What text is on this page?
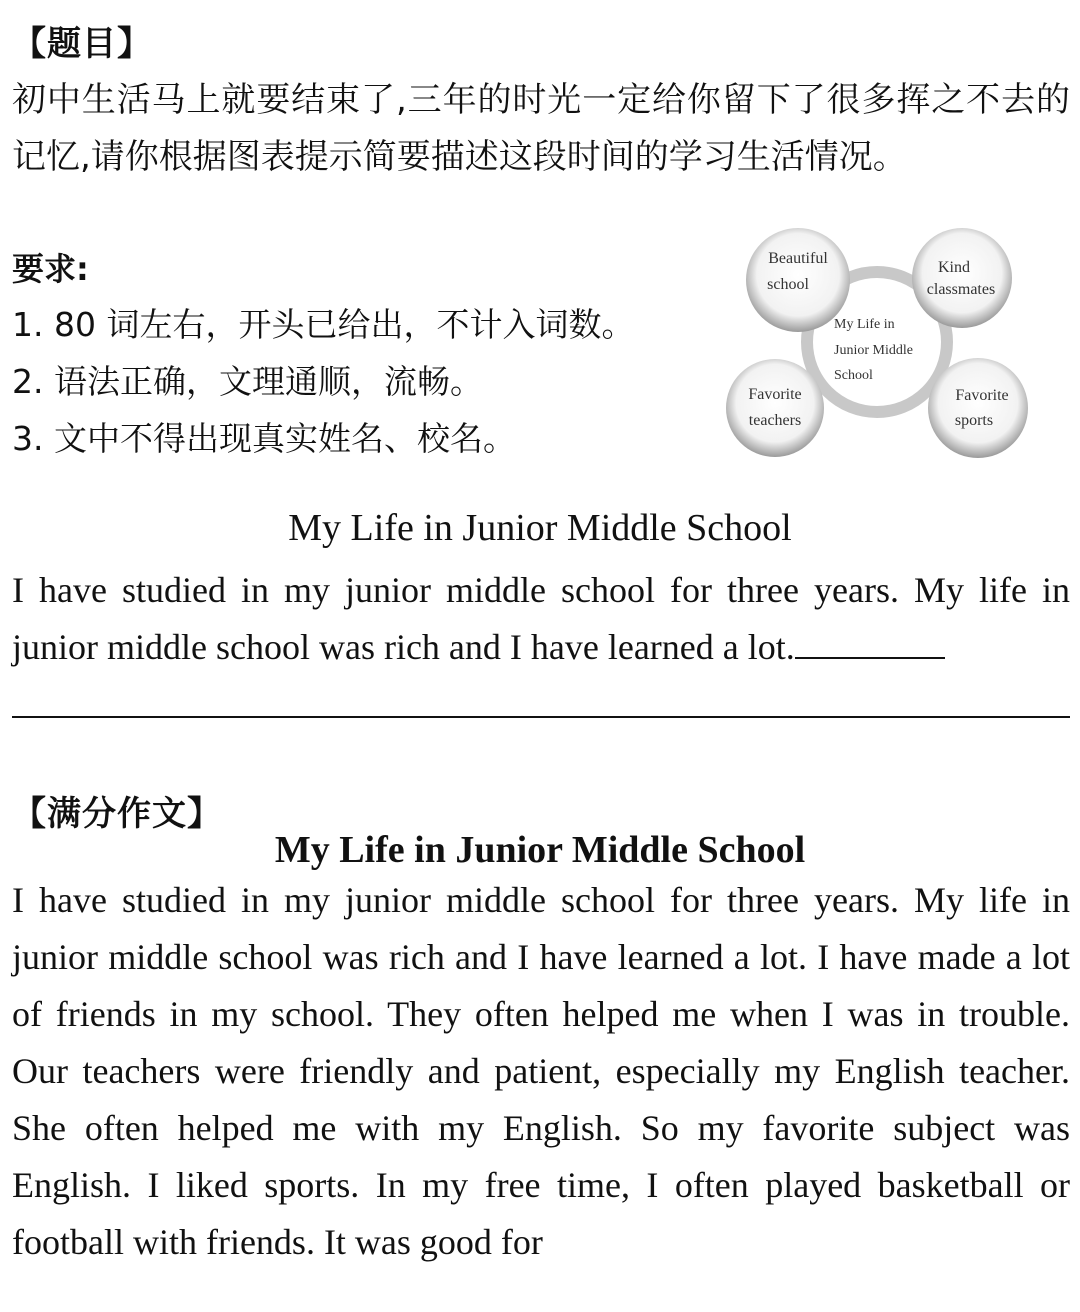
【题目】
初中生活马上就要结束了,三年的时光一定给你留下了很多挥之不去的记忆,请你根据图表提示简要描述这段时间的学习生活情况。
要求:
1. 80 词左右，开头已给出，不计入词数。
2. 语法正确，文理通顺，流畅。
3. 文中不得出现真实姓名、校名。
Beautiful
school
Kind
classmates
Favorite
teachers
Favorite
sports
My Life in
Junior Middle
School
My Life in Junior Middle School
I have studied in my junior middle school for three years. My life in junior middle school was rich and I have learned a lot.
【满分作文】
My Life in Junior Middle School
I have studied in my junior middle school for three years. My life in junior middle school was rich and I have learned a lot. I have made a lot of friends in my school. They often helped me when I was in trouble. Our teachers were friendly and patient, especially my English teacher. She often helped me with my English. So my favorite subject was English. I liked sports. In my free time, I often played basketball or football with friends. It was good for
